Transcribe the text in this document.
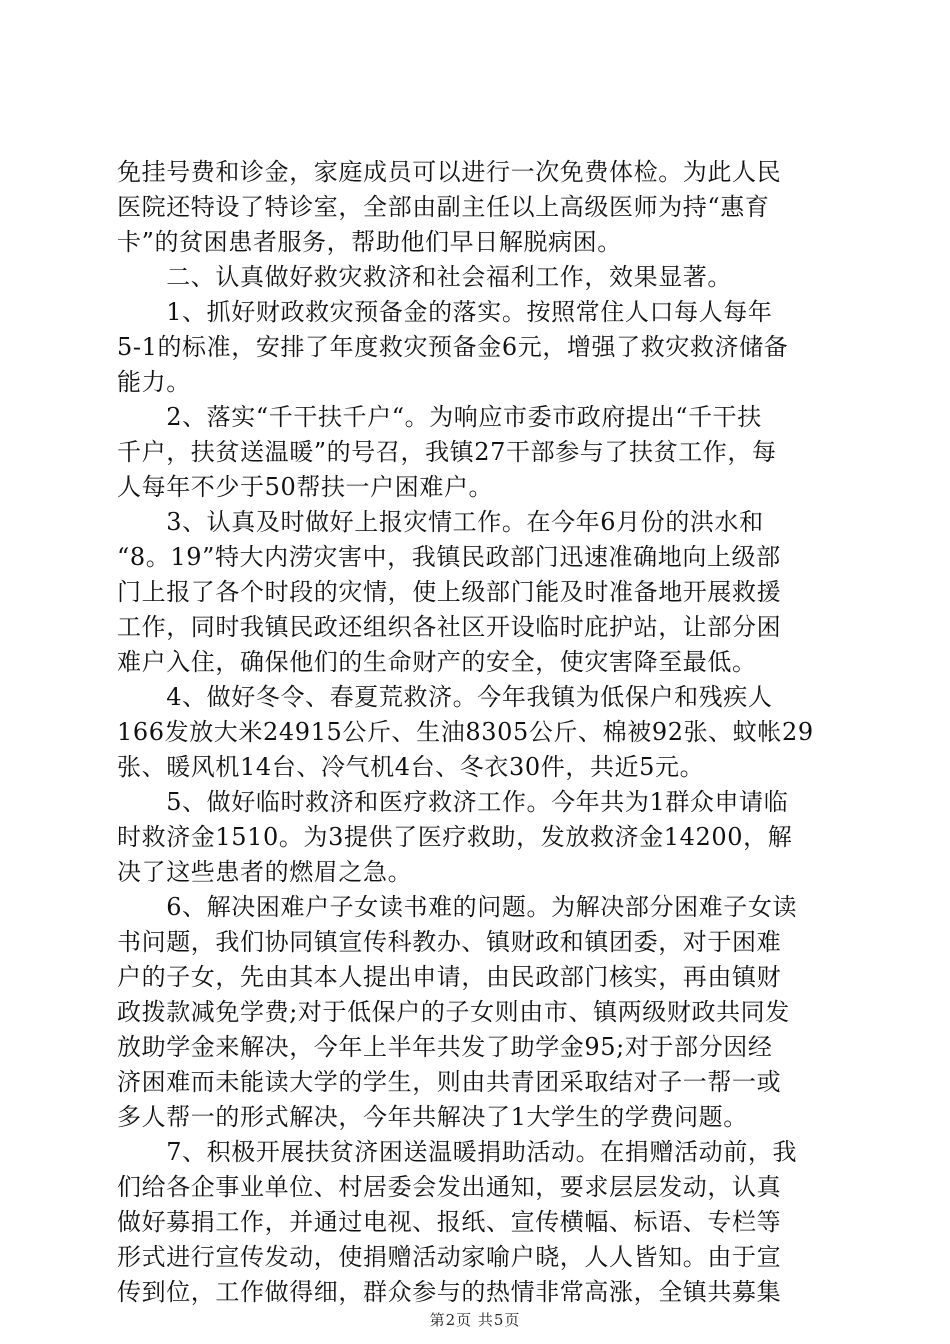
免挂号费和诊金，家庭成员可以进行一次免费体检。为此人民
医院还特设了特诊室，全部由副主任以上高级医师为持“惠育
卡”的贫困患者服务，帮助他们早日解脱病困。
　　二、认真做好救灾救济和社会福利工作，效果显著。
　　1、抓好财政救灾预备金的落实。按照常住人口每人每年
5-1的标准，安排了年度救灾预备金6元，增强了救灾救济储备
能力。
　　2、落实“千干扶千户“。为响应市委市政府提出“千干扶
千户，扶贫送温暖”的号召，我镇27干部参与了扶贫工作，每
人每年不少于50帮扶一户困难户。
　　3、认真及时做好上报灾情工作。在今年6月份的洪水和
“8。19”特大内涝灾害中，我镇民政部门迅速准确地向上级部
门上报了各个时段的灾情，使上级部门能及时准备地开展救援
工作，同时我镇民政还组织各社区开设临时庇护站，让部分困
难户入住，确保他们的生命财产的安全，使灾害降至最低。
　　4、做好冬令、春夏荒救济。今年我镇为低保户和残疾人
166发放大米24915公斤、生油8305公斤、棉被92张、蚊帐29
张、暖风机14台、冷气机4台、冬衣30件，共近5元。
　　5、做好临时救济和医疗救济工作。今年共为1群众申请临
时救济金1510。为3提供了医疗救助，发放救济金14200，解
决了这些患者的燃眉之急。
　　6、解决困难户子女读书难的问题。为解决部分困难子女读
书问题，我们协同镇宣传科教办、镇财政和镇团委，对于困难
户的子女，先由其本人提出申请，由民政部门核实，再由镇财
政拨款减免学费;对于低保户的子女则由市、镇两级财政共同发
放助学金来解决，今年上半年共发了助学金95;对于部分因经
济困难而未能读大学的学生，则由共青团采取结对子一帮一或
多人帮一的形式解决，今年共解决了1大学生的学费问题。
　　7、积极开展扶贫济困送温暖捐助活动。在捐赠活动前，我
们给各企事业单位、村居委会发出通知，要求层层发动，认真
做好募捐工作，并通过电视、报纸、宣传横幅、标语、专栏等
形式进行宣传发动，使捐赠活动家喻户晓，人人皆知。由于宣
传到位，工作做得细，群众参与的热情非常高涨，全镇共募集
第2页 共5页
